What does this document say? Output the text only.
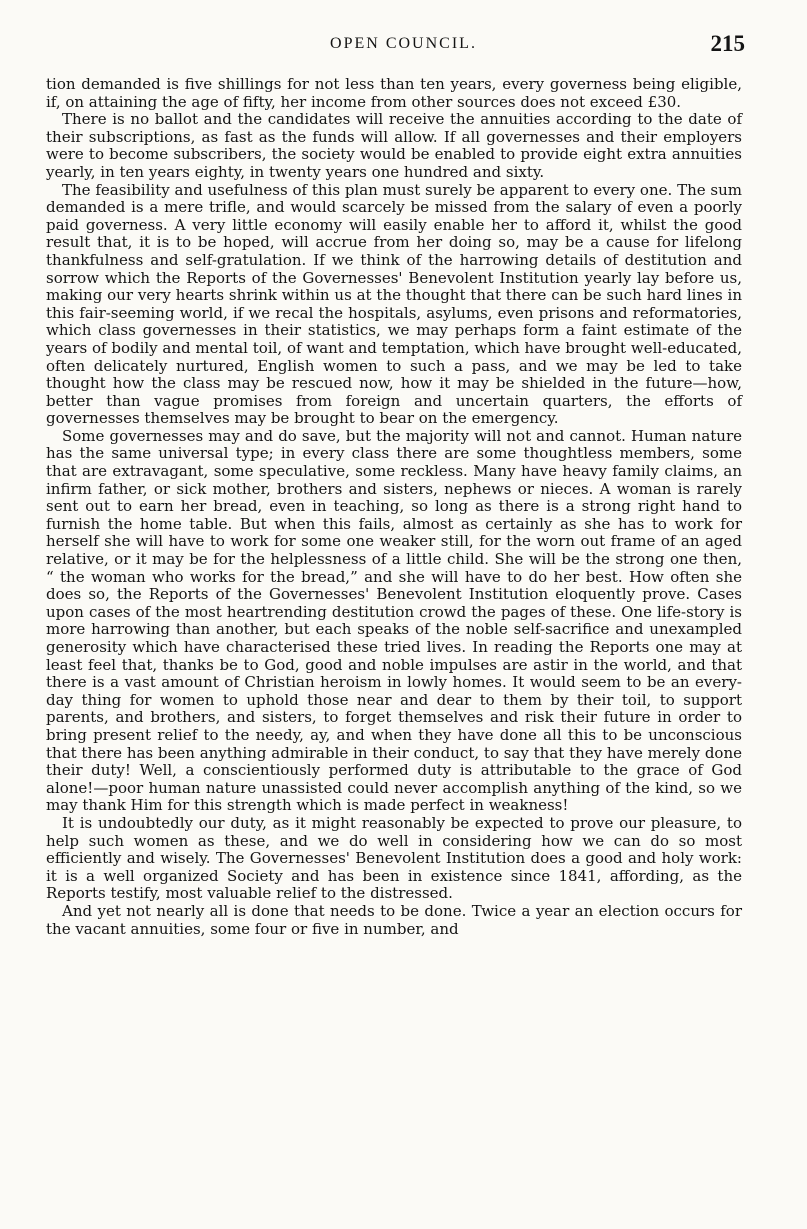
OPEN COUNCIL.	215

tion demanded is five shillings for not less than ten years, every governess being eligible, if, on attaining the age of fifty, her income from other sources does not exceed £30.

There is no ballot and the candidates will receive the annuities according to the date of their subscriptions, as fast as the funds will allow. If all governesses and their employers were to become subscribers, the society would be enabled to provide eight extra annuities yearly, in ten years eighty, in twenty years one hundred and sixty.

The feasibility and usefulness of this plan must surely be apparent to every one. The sum demanded is a mere trifle, and would scarcely be missed from the salary of even a poorly paid governess. A very little economy will easily enable her to afford it, whilst the good result that, it is to be hoped, will accrue from her doing so, may be a cause for lifelong thankfulness and self-gratulation. If we think of the harrowing details of destitution and sorrow which the Reports of the Governesses' Benevolent Institution yearly lay before us, making our very hearts shrink within us at the thought that there can be such hard lines in this fair-seeming world, if we recal the hospitals, asylums, even prisons and reformatories, which class governesses in their statistics, we may perhaps form a faint estimate of the years of bodily and mental toil, of want and temptation, which have brought well-educated, often delicately nurtured, English women to such a pass, and we may be led to take thought how the class may be rescued now, how it may be shielded in the future—how, better than vague promises from foreign and uncertain quarters, the efforts of governesses themselves may be brought to bear on the emergency.

Some governesses may and do save, but the majority will not and cannot. Human nature has the same universal type; in every class there are some thoughtless members, some that are extravagant, some speculative, some reckless. Many have heavy family claims, an infirm father, or sick mother, brothers and sisters, nephews or nieces. A woman is rarely sent out to earn her bread, even in teaching, so long as there is a strong right hand to furnish the home table. But when this fails, almost as certainly as she has to work for herself she will have to work for some one weaker still, for the worn out frame of an aged relative, or it may be for the helplessness of a little child. She will be the strong one then, “ the woman who works for the bread,” and she will have to do her best. How often she does so, the Reports of the Governesses' Benevolent Institution eloquently prove. Cases upon cases of the most heartrending destitution crowd the pages of these. One life-story is more harrowing than another, but each speaks of the noble self-sacrifice and unexampled generosity which have characterised these tried lives. In reading the Reports one may at least feel that, thanks be to God, good and noble impulses are astir in the world, and that there is a vast amount of Christian heroism in lowly homes. It would seem to be an every-day thing for women to uphold those near and dear to them by their toil, to support parents, and brothers, and sisters, to forget themselves and risk their future in order to bring present relief to the needy, ay, and when they have done all this to be unconscious that there has been anything admirable in their conduct, to say that they have merely done their duty! Well, a conscientiously performed duty is attributable to the grace of God alone!—poor human nature unassisted could never accomplish anything of the kind, so we may thank Him for this strength which is made perfect in weakness!

It is undoubtedly our duty, as it might reasonably be expected to prove our pleasure, to help such women as these, and we do well in considering how we can do so most efficiently and wisely. The Governesses' Benevolent Institution does a good and holy work: it is a well organized Society and has been in existence since 1841, affording, as the Reports testify, most valuable relief to the distressed.

And yet not nearly all is done that needs to be done. Twice a year an election occurs for the vacant annuities, some four or five in number, and
